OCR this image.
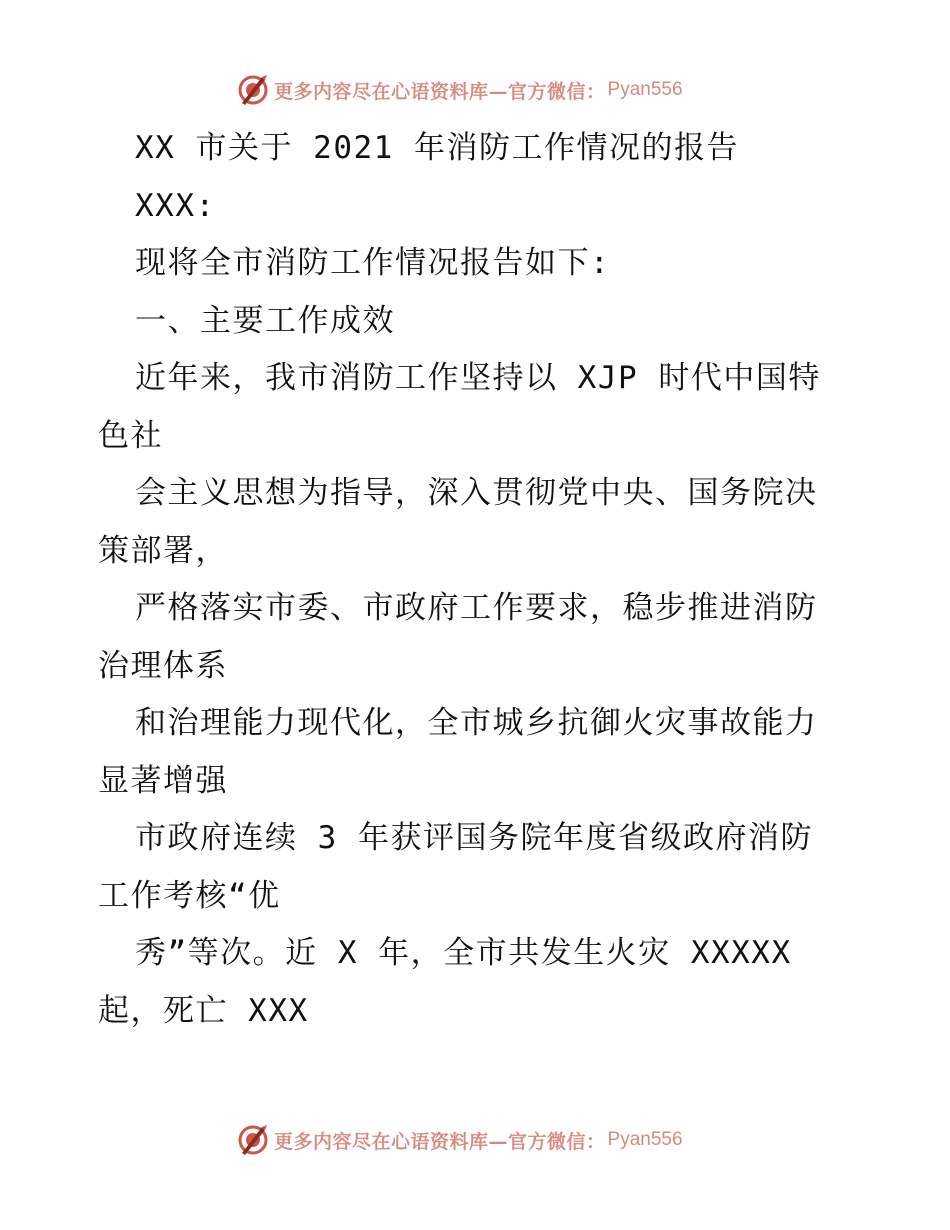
更多内容尽在心语资料库—官方微信： Pyan556
XX 市关于 2021 年消防工作情况的报告
XXX:
现将全市消防工作情况报告如下:
一、主要工作成效
近年来，我市消防工作坚持以 XJP 时代中国特
色社
会主义思想为指导，深入贯彻党中央、国务院决
策部署，
严格落实市委、市政府工作要求，稳步推进消防
治理体系
和治理能力现代化，全市城乡抗御火灾事故能力
显著增强
市政府连续 3 年获评国务院年度省级政府消防
工作考核“优
秀”等次。近 X 年，全市共发生火灾 XXXXX
起，死亡 XXX
更多内容尽在心语资料库—官方微信： Pyan556
